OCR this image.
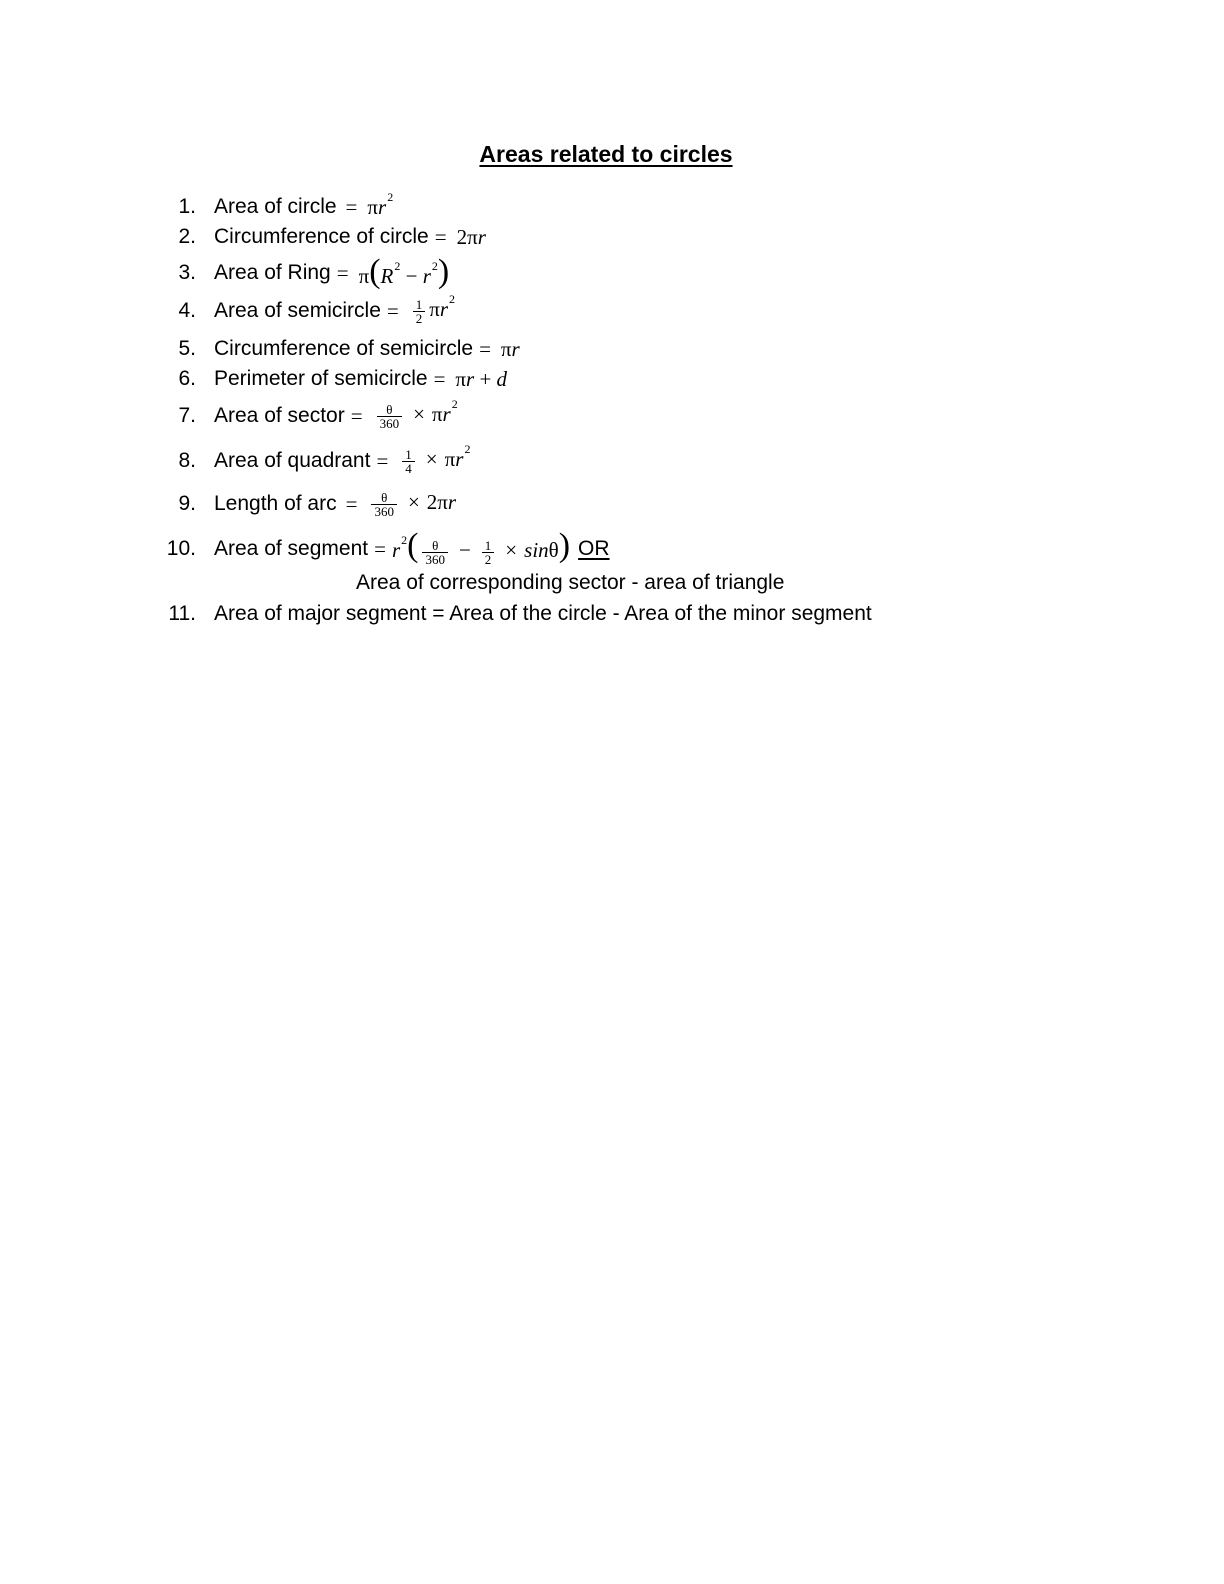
Areas related to circles
1. Area of circle = $\pi r^2$
2. Circumference of circle = 2πr
3. Area of Ring = $\pi(R^2 - r^2)$
4. Area of semicircle = $\frac{1}{2} \pi r^2$
5. Circumference of semicircle = πr
6. Perimeter of semicircle = πr + d
7. Area of sector = $\frac{\theta}{360} \times \pi r^2$
8. Area of quadrant = $\frac{1}{4} \times \pi r^2$
9. Length of arc = $\frac{\theta}{360} \times 2\pi r$
10. Area of segment = $r^2( \frac{\theta}{360} - \frac{1}{2} \times \sin\theta)$ OR
Area of corresponding sector - area of triangle
11. Area of major segment = Area of the circle - Area of the minor segment
